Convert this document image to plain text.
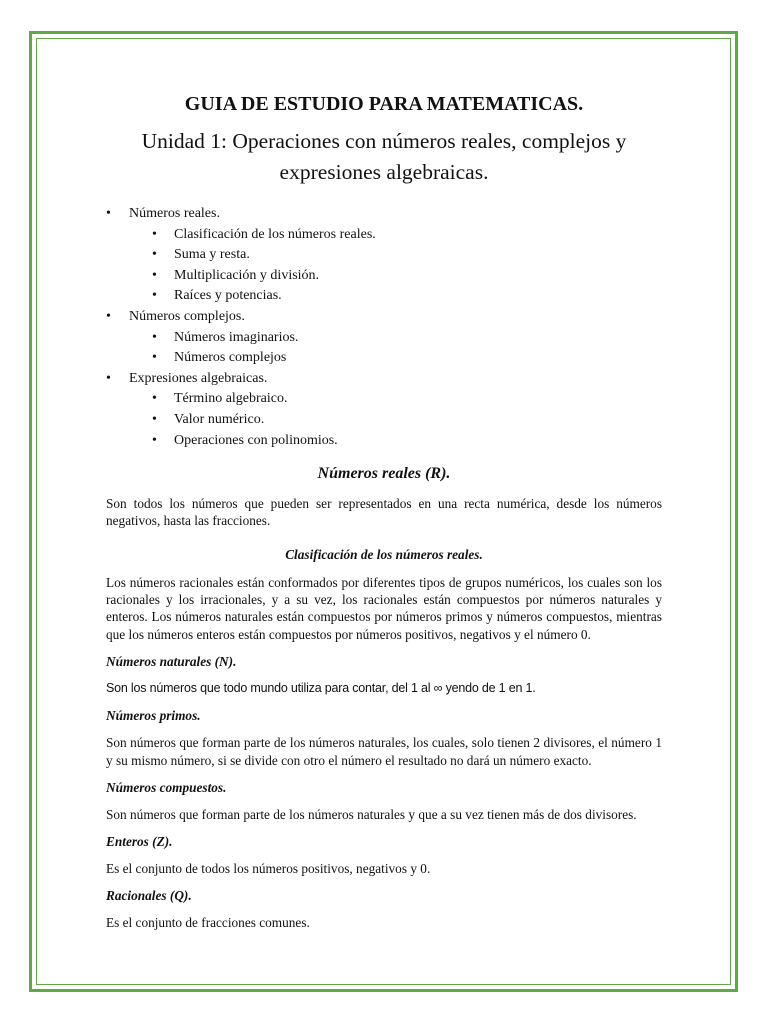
GUIA DE ESTUDIO PARA MATEMATICAS.
Unidad 1: Operaciones con números reales, complejos y expresiones algebraicas.
• Números reales.
• Clasificación de los números reales.
• Suma y resta.
• Multiplicación y división.
• Raíces y potencias.
• Números complejos.
• Números imaginarios.
• Números complejos
• Expresiones algebraicas.
• Término algebraico.
• Valor numérico.
• Operaciones con polinomios.
Números reales (R).

Son todos los números que pueden ser representados en una recta numérica, desde los números negativos, hasta las fracciones.

Clasificación de los números reales.

Los números racionales están conformados por diferentes tipos de grupos numéricos, los cuales son los racionales y los irracionales, y a su vez, los racionales están compuestos por números naturales y enteros. Los números naturales están compuestos por números primos y números compuestos, mientras que los números enteros están compuestos por números positivos, negativos y el número 0.

Números naturales (N).

Son los números que todo mundo utiliza para contar, del 1 al ∞ yendo de 1 en 1.

Números primos.

Son números que forman parte de los números naturales, los cuales, solo tienen 2 divisores, el número 1 y su mismo número, si se divide con otro el número el resultado no dará un número exacto.

Números compuestos.

Son números que forman parte de los números naturales y que a su vez tienen más de dos divisores.

Enteros (Z).

Es el conjunto de todos los números positivos, negativos y 0.

Racionales (Q).

Es el conjunto de fracciones comunes.
